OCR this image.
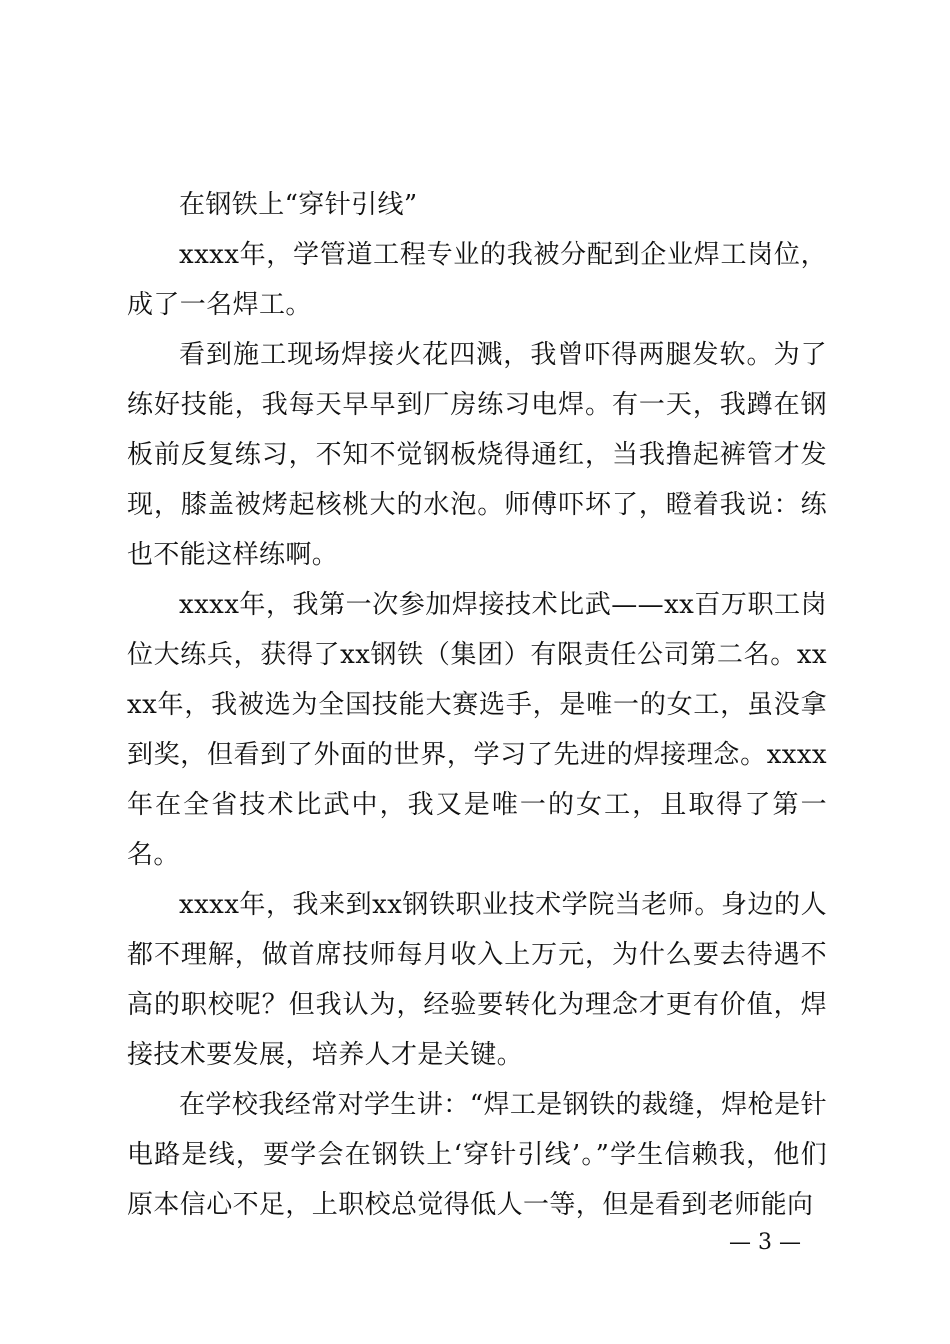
在钢铁上“穿针引线”

xxxx年，学管道工程专业的我被分配到企业焊工岗位，成了一名焊工。

看到施工现场焊接火花四溅，我曾吓得两腿发软。为了练好技能，我每天早早到厂房练习电焊。有一天，我蹲在钢板前反复练习，不知不觉钢板烧得通红，当我撸起裤管才发现，膝盖被烤起核桃大的水泡。师傅吓坏了，瞪着我说：练也不能这样练啊。

xxxx年，我第一次参加焊接技术比武——xx百万职工岗位大练兵，获得了xx钢铁（集团）有限责任公司第二名。xxxx年，我被选为全国技能大赛选手，是唯一的女工，虽没拿到奖，但看到了外面的世界，学习了先进的焊接理念。xxxx年在全省技术比武中，我又是唯一的女工，且取得了第一名。

xxxx年，我来到xx钢铁职业技术学院当老师。身边的人都不理解，做首席技师每月收入上万元，为什么要去待遇不高的职校呢？但我认为，经验要转化为理念才更有价值，焊接技术要发展，培养人才是关键。

在学校我经常对学生讲：“焊工是钢铁的裁缝，焊枪是针电路是线，要学会在钢铁上‘穿针引线’。”学生信赖我，他们原本信心不足，上职校总觉得低人一等，但是看到老师能向

— 3 —
